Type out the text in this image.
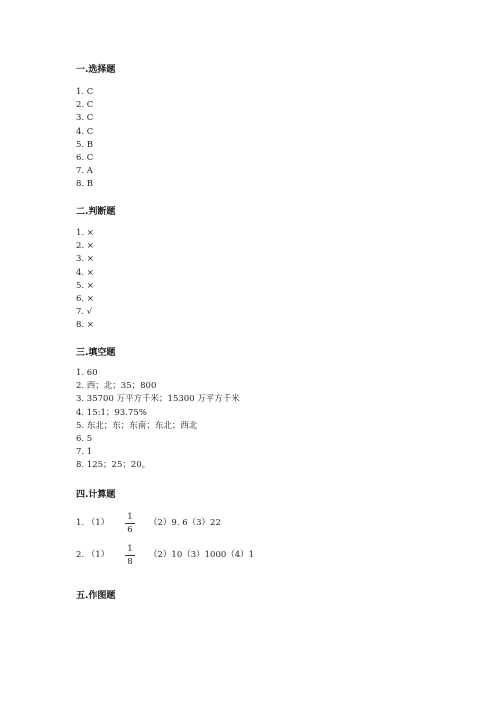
一.选择题
1. C
2. C
3. C
4. C
5. B
6. C
7. A
8. B
二.判断题
1. ×
2. ×
3. ×
4. ×
5. ×
6. ×
7. √
8. ×
三.填空题
1. 60
2. 西；北；35；800
3. 35700 万平方千米；15300 万平方千米
4. 15:1；93.75%
5. 东北；东；东南；东北；西北
6. 5
7. 1
8. 125；25；20。
四.计算题
1. （1）
1
6
（2）9. 6（3）22
2. （1）
1
8
（2）10（3）1000（4）1
五.作图题
